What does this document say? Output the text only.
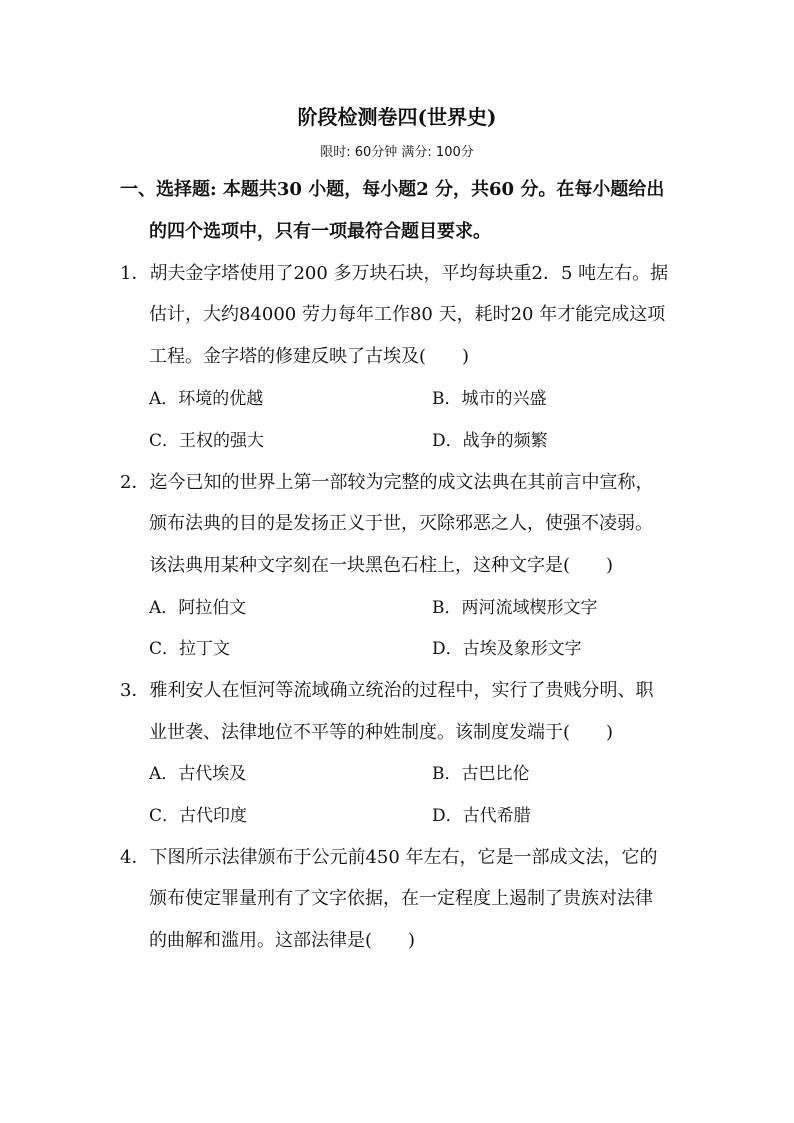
阶段检测卷四(世界史)
限时: 60分钟 满分: 100分
一、选择题: 本题共30 小题，每小题2 分，共60 分。在每小题给出
的四个选项中，只有一项最符合题目要求。
1．胡夫金字塔使用了200 多万块石块，平均每块重2．5 吨左右。据
估计，大约84000 劳力每年工作80 天，耗时20 年才能完成这项
工程。金字塔的修建反映了古埃及(　　)
A．环境的优越	B．城市的兴盛
C．王权的强大	D．战争的频繁
2．迄今已知的世界上第一部较为完整的成文法典在其前言中宣称，
颁布法典的目的是发扬正义于世，灭除邪恶之人，使强不凌弱。
该法典用某种文字刻在一块黑色石柱上，这种文字是(　　)
A．阿拉伯文	B．两河流域楔形文字
C．拉丁文	D．古埃及象形文字
3．雅利安人在恒河等流域确立统治的过程中，实行了贵贱分明、职
业世袭、法律地位不平等的种姓制度。该制度发端于(　　)
A．古代埃及	B．古巴比伦
C．古代印度	D．古代希腊
4．下图所示法律颁布于公元前450 年左右，它是一部成文法，它的
颁布使定罪量刑有了文字依据，在一定程度上遏制了贵族对法律
的曲解和滥用。这部法律是(　　)
